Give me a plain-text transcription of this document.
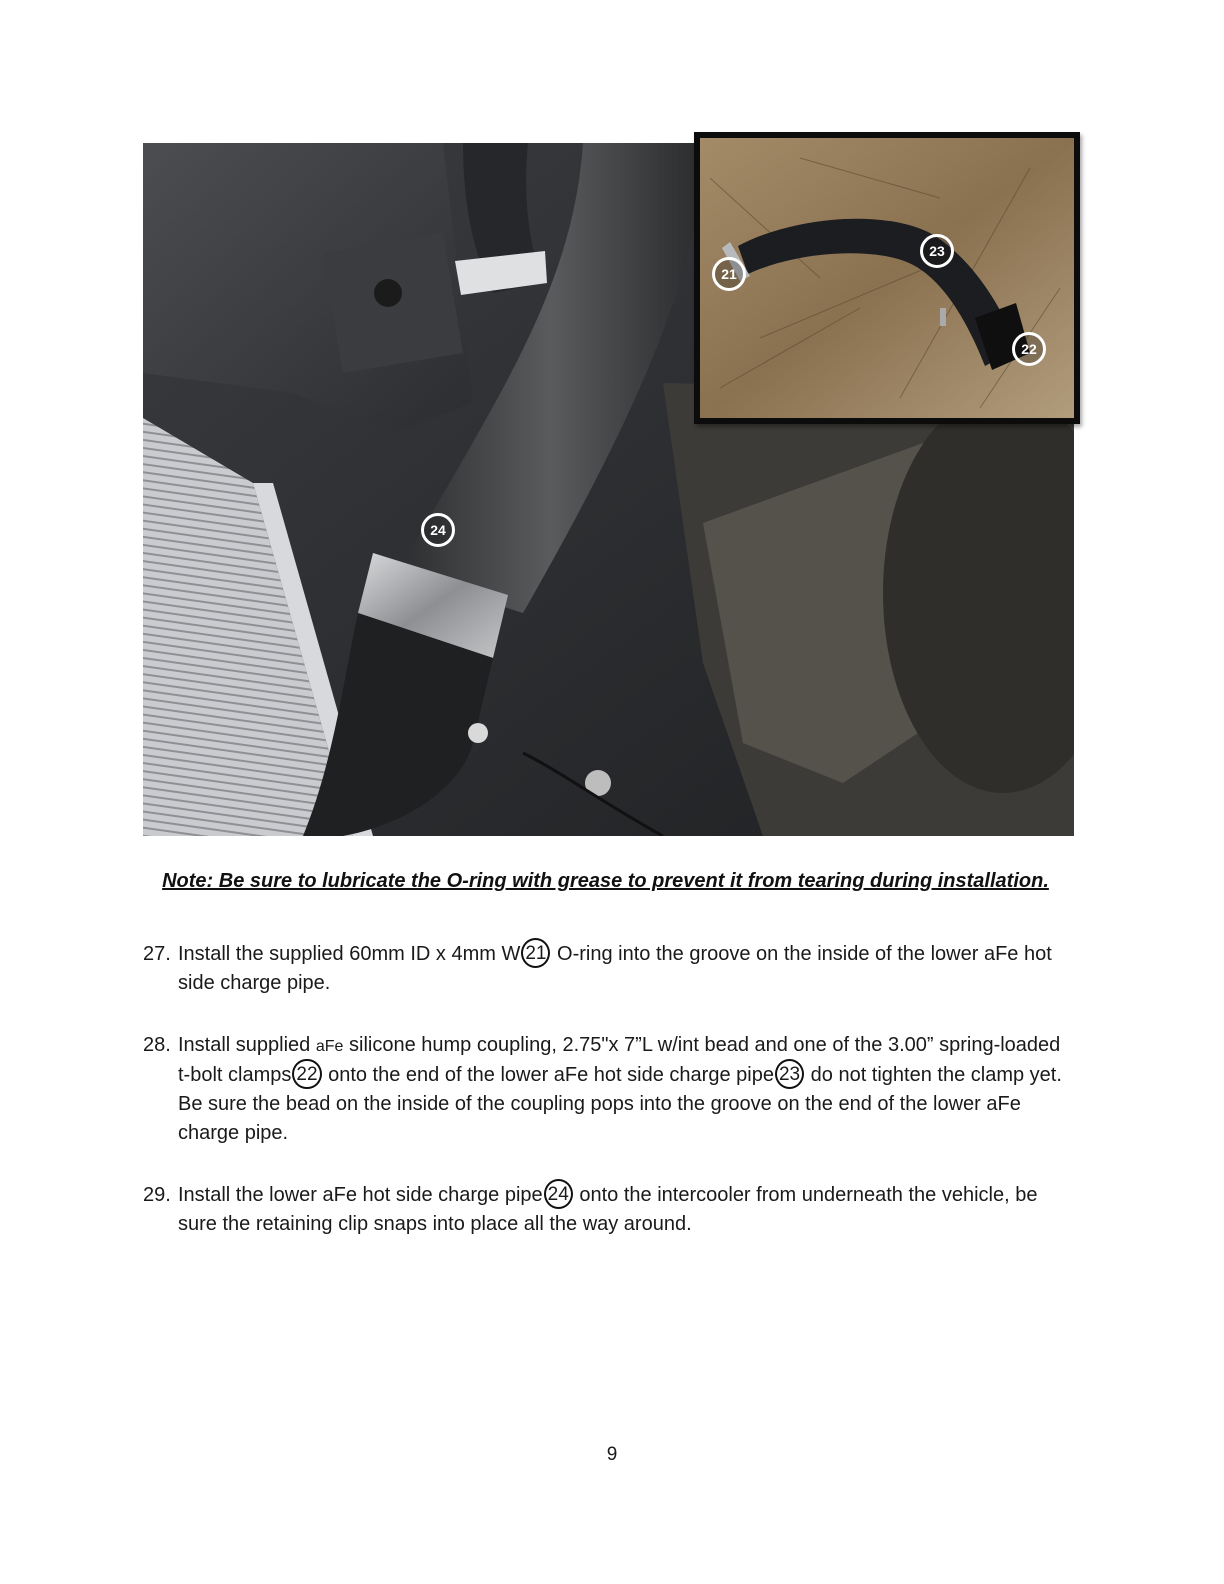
24
21
23
22
Note: Be sure to lubricate the O-ring with grease to prevent it from tearing during installation.
27. Install the supplied 60mm ID x 4mm W 21 O-ring into the groove on the inside of the lower aFe hot side charge pipe.
28. Install supplied aFe silicone hump coupling, 2.75"x 7”L w/int bead and one of the 3.00” spring-loaded t-bolt clamps 22 onto the end of the lower aFe hot side charge pipe 23 do not tighten the clamp yet. Be sure the bead on the inside of the coupling pops into the groove on the end of the lower aFe charge pipe.
29. Install the lower aFe hot side charge pipe 24 onto the intercooler from underneath the vehicle, be sure the retaining clip snaps into place all the way around.
9
